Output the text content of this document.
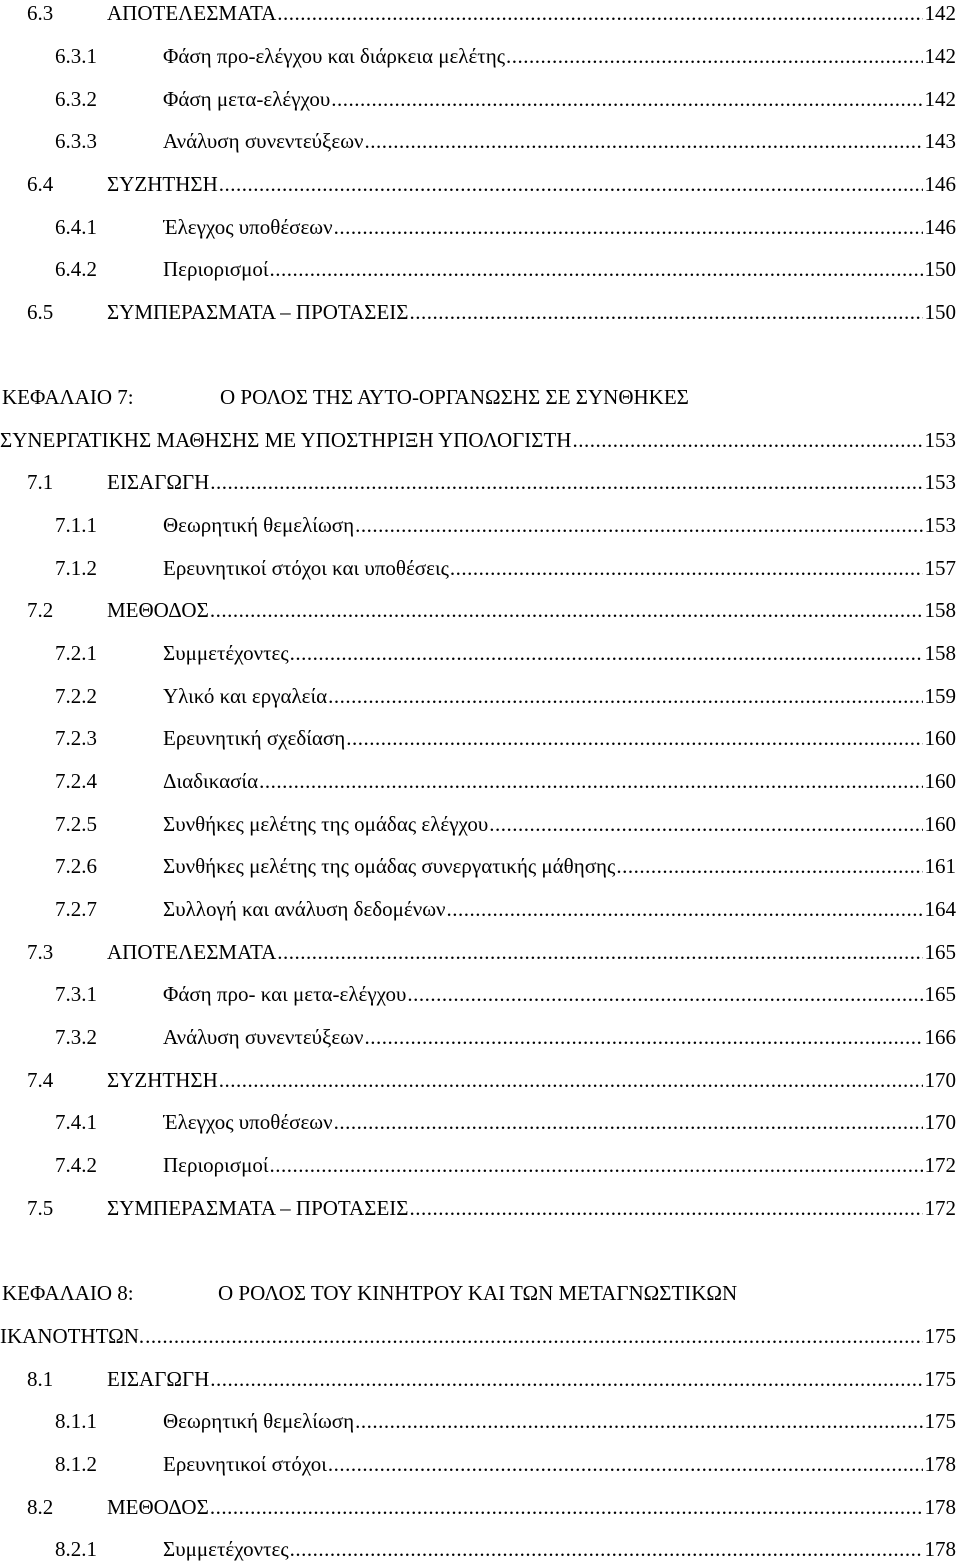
6.3	ΑΠΟΤΕΛΕΣΜΑΤΑ .....	142
6.3.1	Φάση προ-ελέγχου και διάρκεια μελέτης .....	142
6.3.2	Φάση μετα-ελέγχου .....	142
6.3.3	Ανάλυση συνεντεύξεων .....	143
6.4	ΣΥΖΗΤΗΣΗ .....	146
6.4.1	Έλεγχος υποθέσεων .....	146
6.4.2	Περιορισμοί .....	150
6.5	ΣΥΜΠΕΡΑΣΜΑΤΑ – ΠΡΟΤΑΣΕΙΣ .....	150
ΚΕΦΑΛΑΙΟ 7:	Ο ΡΟΛΟΣ ΤΗΣ ΑΥΤΟ-ΟΡΓΑΝΩΣΗΣ ΣΕ ΣΥΝΘΗΚΕΣ
ΣΥΝΕΡΓΑΤΙΚΗΣ ΜΑΘΗΣΗΣ ΜΕ ΥΠΟΣΤΗΡΙΞΗ ΥΠΟΛΟΓΙΣΤΗ .....	153
7.1	ΕΙΣΑΓΩΓΗ .....	153
7.1.1	Θεωρητική θεμελίωση .....	153
7.1.2	Ερευνητικοί στόχοι και υποθέσεις .....	157
7.2	ΜΕΘΟΔΟΣ .....	158
7.2.1	Συμμετέχοντες .....	158
7.2.2	Υλικό και εργαλεία .....	159
7.2.3	Ερευνητική σχεδίαση .....	160
7.2.4	Διαδικασία .....	160
7.2.5	Συνθήκες μελέτης της ομάδας ελέγχου .....	160
7.2.6	Συνθήκες μελέτης της ομάδας συνεργατικής μάθησης .....	161
7.2.7	Συλλογή και ανάλυση δεδομένων .....	164
7.3	ΑΠΟΤΕΛΕΣΜΑΤΑ .....	165
7.3.1	Φάση προ- και μετα-ελέγχου .....	165
7.3.2	Ανάλυση συνεντεύξεων .....	166
7.4	ΣΥΖΗΤΗΣΗ .....	170
7.4.1	Έλεγχος υποθέσεων .....	170
7.4.2	Περιορισμοί .....	172
7.5	ΣΥΜΠΕΡΑΣΜΑΤΑ – ΠΡΟΤΑΣΕΙΣ .....	172
ΚΕΦΑΛΑΙΟ 8:	Ο ΡΟΛΟΣ ΤΟΥ ΚΙΝΗΤΡΟΥ ΚΑΙ ΤΩΝ ΜΕΤΑΓΝΩΣΤΙΚΩΝ
ΙΚΑΝΟΤΗΤΩΝ. .....	175
8.1	ΕΙΣΑΓΩΓΗ .....	175
8.1.1	Θεωρητική θεμελίωση .....	175
8.1.2	Ερευνητικοί στόχοι .....	178
8.2	ΜΕΘΟΔΟΣ .....	178
8.2.1	Συμμετέχοντες .....	178
